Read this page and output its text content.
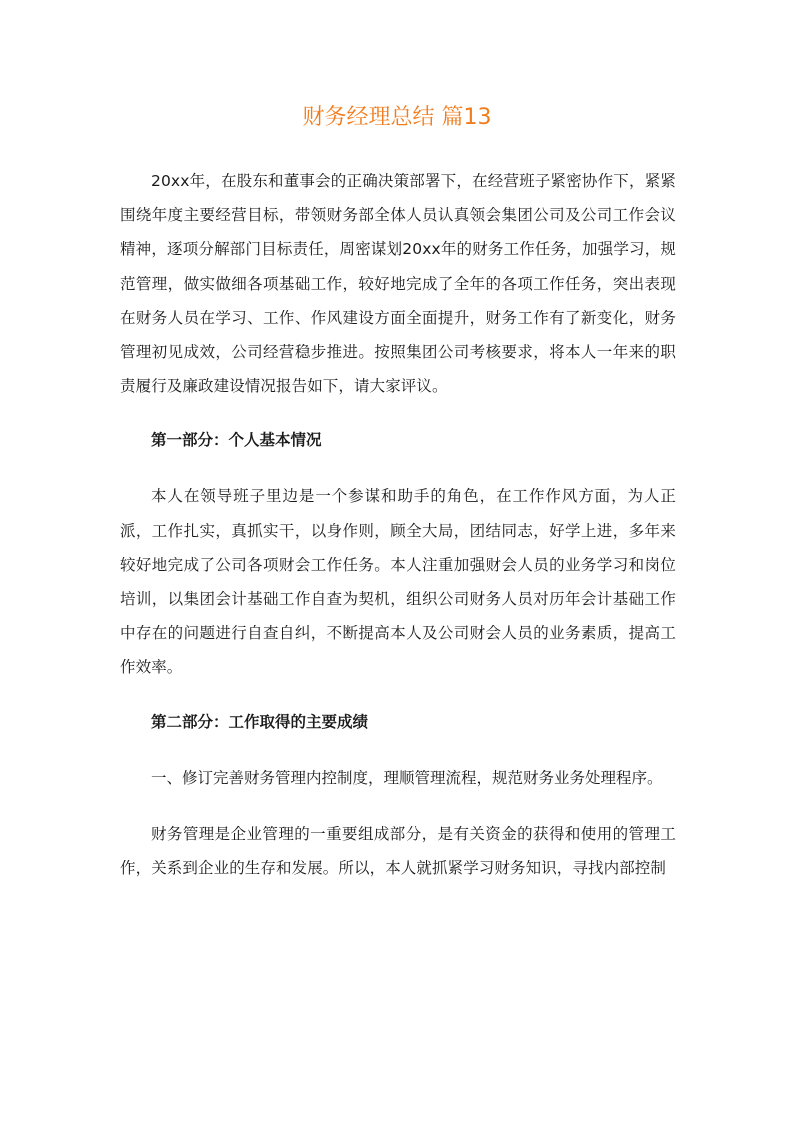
财务经理总结 篇13

20xx年，在股东和董事会的正确决策部署下，在经营班子紧密协作下，紧紧围绕年度主要经营目标，带领财务部全体人员认真领会集团公司及公司工作会议精神，逐项分解部门目标责任，周密谋划20xx年的财务工作任务，加强学习，规范管理，做实做细各项基础工作，较好地完成了全年的各项工作任务，突出表现在财务人员在学习、工作、作风建设方面全面提升，财务工作有了新变化，财务管理初见成效，公司经营稳步推进。按照集团公司考核要求，将本人一年来的职责履行及廉政建设情况报告如下，请大家评议。

第一部分：个人基本情况

本人在领导班子里边是一个参谋和助手的角色，在工作作风方面，为人正派，工作扎实，真抓实干，以身作则，顾全大局，团结同志，好学上进，多年来较好地完成了公司各项财会工作任务。本人注重加强财会人员的业务学习和岗位培训，以集团会计基础工作自查为契机，组织公司财务人员对历年会计基础工作中存在的问题进行自查自纠，不断提高本人及公司财会人员的业务素质，提高工作效率。

第二部分：工作取得的主要成绩

一、修订完善财务管理内控制度，理顺管理流程，规范财务业务处理程序。

财务管理是企业管理的一重要组成部分，是有关资金的获得和使用的管理工作，关系到企业的生存和发展。所以，本人就抓紧学习财务知识，寻找内部控制
